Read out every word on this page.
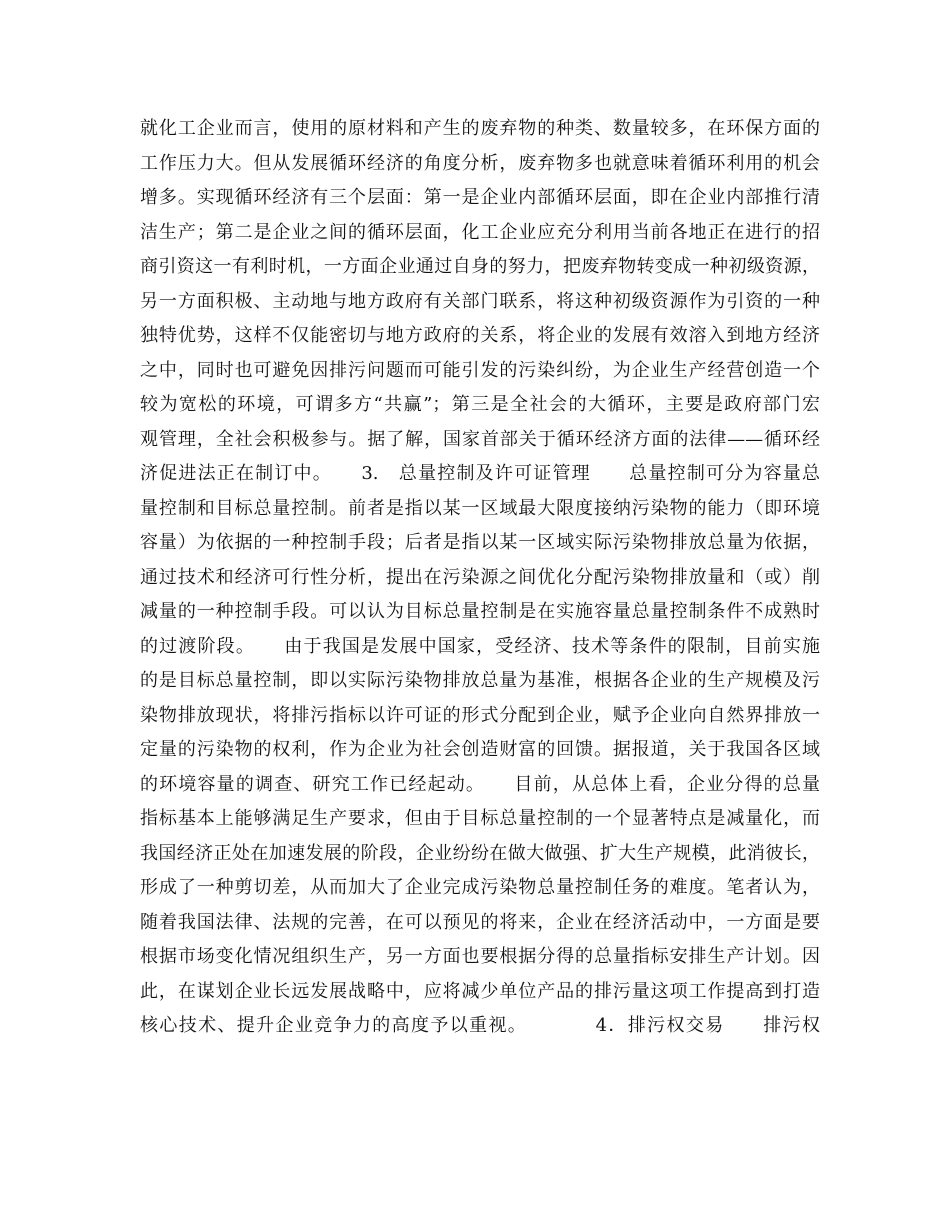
就化工企业而言，使用的原材料和产生的废弃物的种类、数量较多，在环保方面的
工作压力大。但从发展循环经济的角度分析，废弃物多也就意味着循环利用的机会
增多。实现循环经济有三个层面：第一是企业内部循环层面，即在企业内部推行清
洁生产；第二是企业之间的循环层面，化工企业应充分利用当前各地正在进行的招
商引资这一有利时机，一方面企业通过自身的努力，把废弃物转变成一种初级资源，
另一方面积极、主动地与地方政府有关部门联系，将这种初级资源作为引资的一种
独特优势，这样不仅能密切与地方政府的关系，将企业的发展有效溶入到地方经济
之中，同时也可避免因排污问题而可能引发的污染纠纷，为企业生产经营创造一个
较为宽松的环境，可谓多方“共赢”；第三是全社会的大循环，主要是政府部门宏
观管理，全社会积极参与。据了解，国家首部关于循环经济方面的法律——循环经
济促进法正在制订中。　　3.　总量控制及许可证管理　　总量控制可分为容量总
量控制和目标总量控制。前者是指以某一区域最大限度接纳污染物的能力（即环境
容量）为依据的一种控制手段；后者是指以某一区域实际污染物排放总量为依据，
通过技术和经济可行性分析，提出在污染源之间优化分配污染物排放量和（或）削
减量的一种控制手段。可以认为目标总量控制是在实施容量总量控制条件不成熟时
的过渡阶段。　　由于我国是发展中国家，受经济、技术等条件的限制，目前实施
的是目标总量控制，即以实际污染物排放总量为基准，根据各企业的生产规模及污
染物排放现状，将排污指标以许可证的形式分配到企业，赋予企业向自然界排放一
定量的污染物的权利，作为企业为社会创造财富的回馈。据报道，关于我国各区域
的环境容量的调查、研究工作已经起动。　　目前，从总体上看，企业分得的总量
指标基本上能够满足生产要求，但由于目标总量控制的一个显著特点是减量化，而
我国经济正处在加速发展的阶段，企业纷纷在做大做强、扩大生产规模，此消彼长，
形成了一种剪切差，从而加大了企业完成污染物总量控制任务的难度。笔者认为，
随着我国法律、法规的完善，在可以预见的将来，企业在经济活动中，一方面是要
根据市场变化情况组织生产，另一方面也要根据分得的总量指标安排生产计划。因
此，在谋划企业长远发展战略中，应将减少单位产品的排污量这项工作提高到打造
核心技术、提升企业竞争力的高度予以重视。　　　　4．排污权交易　　排污权
